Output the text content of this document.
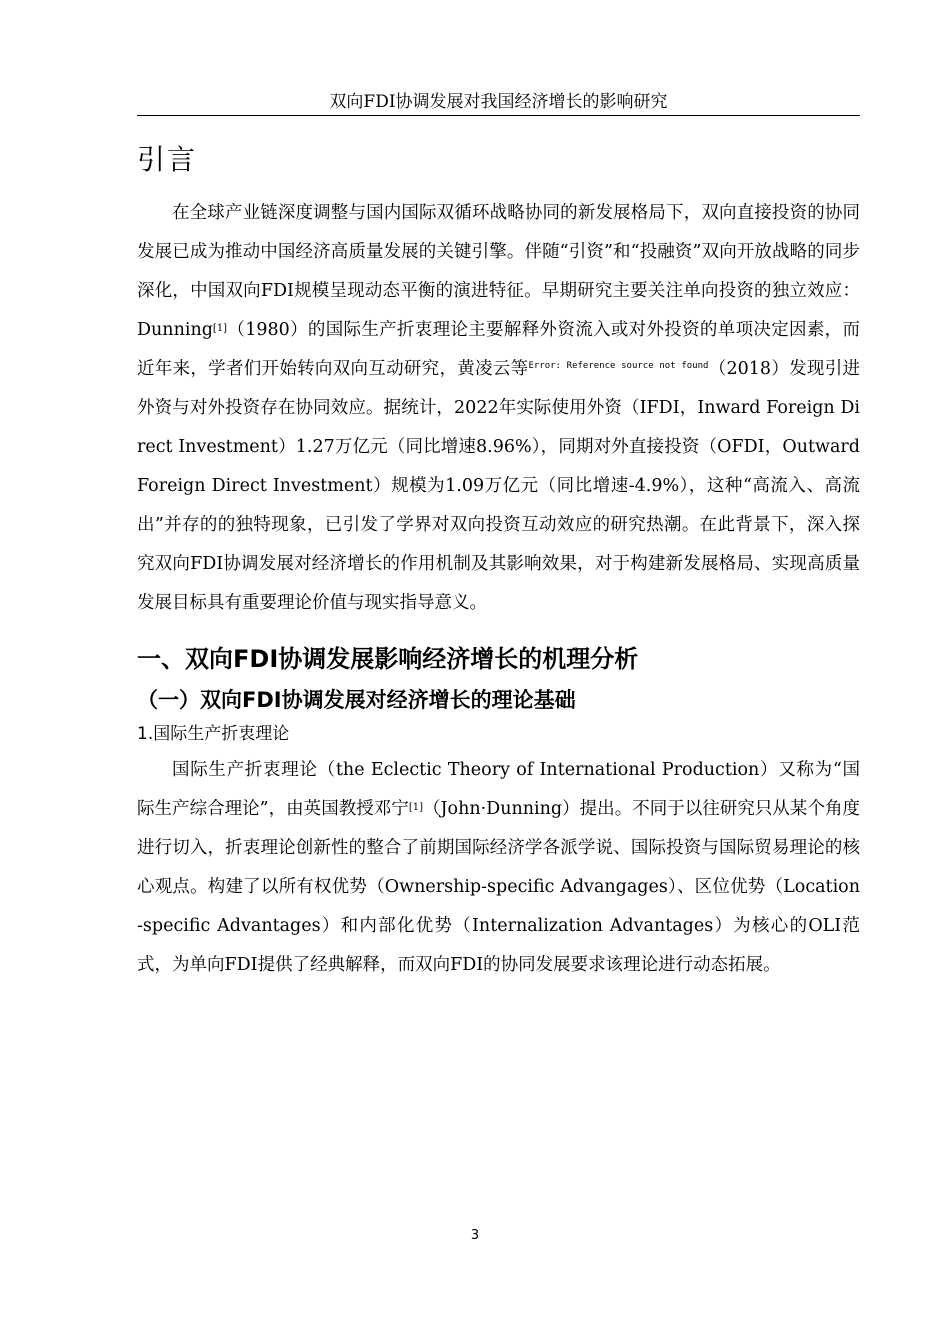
双向FDI协调发展对我国经济增长的影响研究
引言

在全球产业链深度调整与国内国际双循环战略协同的新发展格局下，双向直接投资的协同发展已成为推动中国经济高质量发展的关键引擎。伴随“引资”和“投融资”双向开放战略的同步深化，中国双向FDI规模呈现动态平衡的演进特征。早期研究主要关注单向投资的独立效应：Dunning[1]（1980）的国际生产折衷理论主要解释外资流入或对外投资的单项决定因素，而近年来，学者们开始转向双向互动研究，黄凌云等$^{Error: Reference source not found}$（2018）发现引进外资与对外投资存在协同效应。据统计，2022年实际使用外资（IFDI，Inward Foreign Direct Investment）1.27万亿元（同比增速8.96%），同期对外直接投资（OFDI，Outward Foreign Direct Investment）规模为1.09万亿元（同比增速-4.9%），这种“高流入、高流出”并存的的独特现象，已引发了学界对双向投资互动效应的研究热潮。在此背景下，深入探究双向FDI协调发展对经济增长的作用机制及其影响效果，对于构建新发展格局、实现高质量发展目标具有重要理论价值与现实指导意义。

一、双向FDI协调发展影响经济增长的机理分析
（一）双向FDI协调发展对经济增长的理论基础
1.国际生产折衷理论

国际生产折衷理论（the Eclectic Theory of International Production）又称为“国际生产综合理论”，由英国教授邓宁[1]（John·Dunning）提出。不同于以往研究只从某个角度进行切入，折衷理论创新性的整合了前期国际经济学各派学说、国际投资与国际贸易理论的核心观点。构建了以所有权优势（Ownership-specific Advangages）、区位优势（Location-specific Advantages）和内部化优势（Internalization Advantages）为核心的OLI范式，为单向FDI提供了经典解释，而双向FDI的协同发展要求该理论进行动态拓展。

3
